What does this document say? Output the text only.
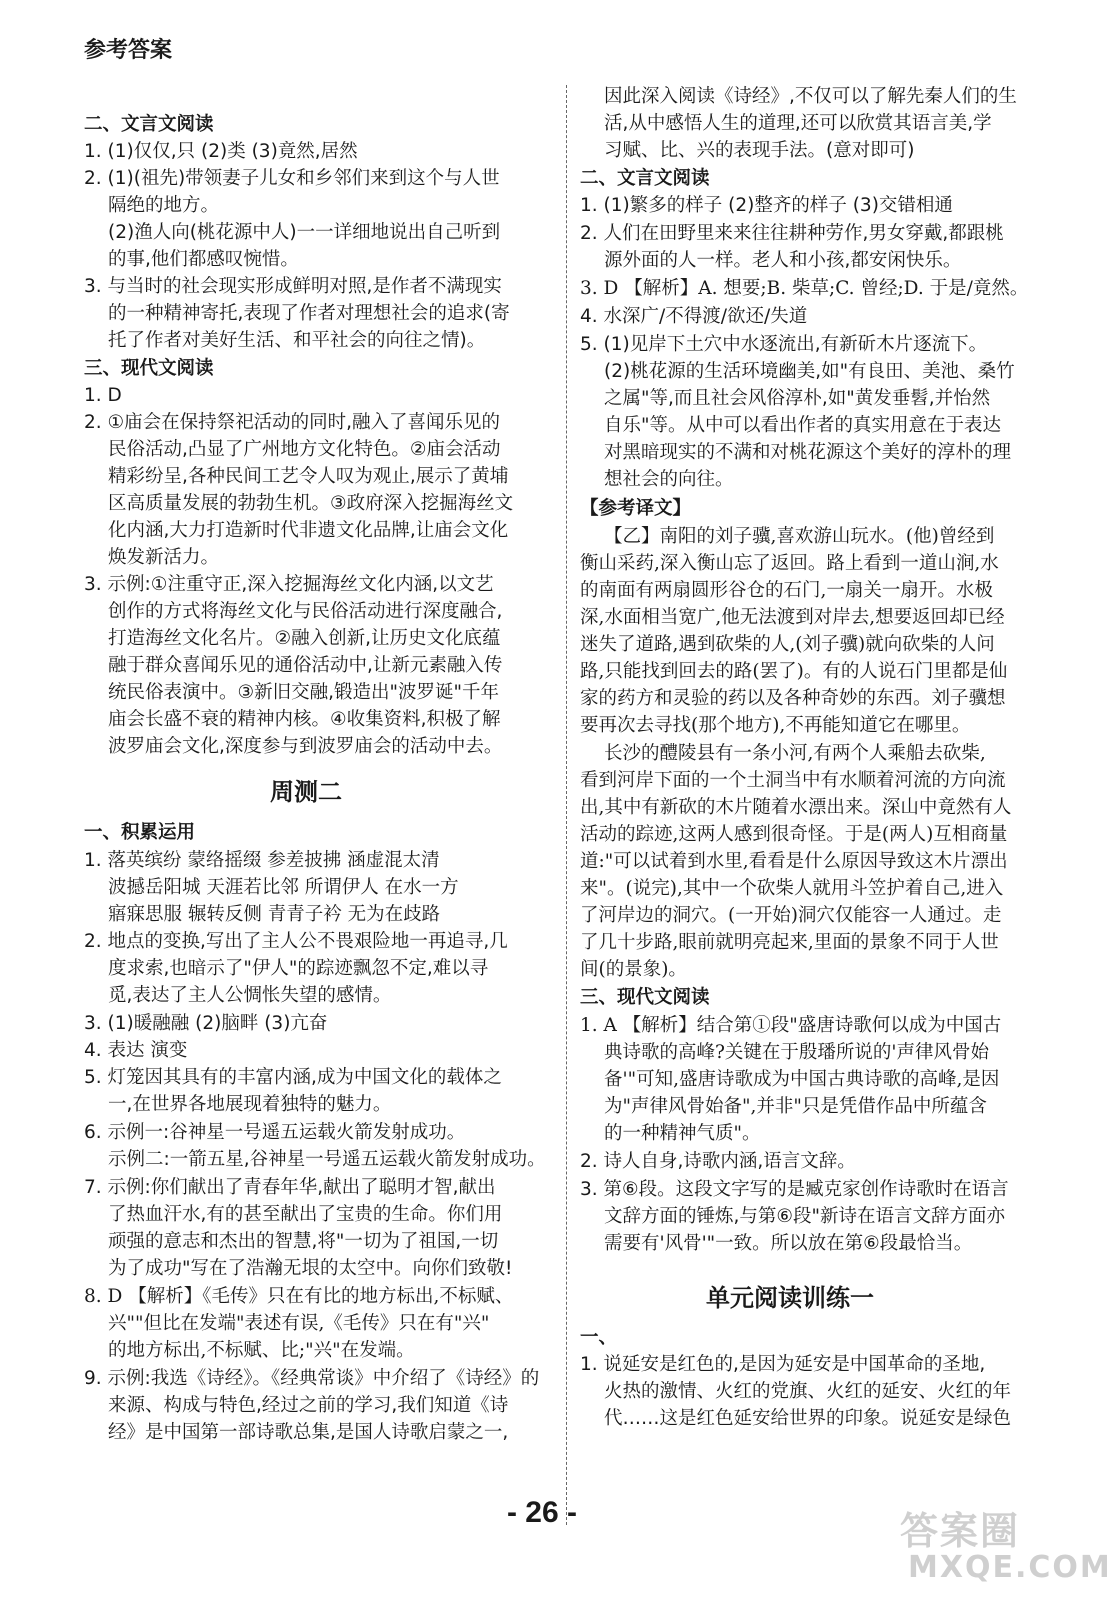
参考答案
二、文言文阅读
1. (1)仅仅,只 (2)类 (3)竟然,居然
2. (1)(祖先)带领妻子儿女和乡邻们来到这个与人世
隔绝的地方。
(2)渔人向(桃花源中人)一一详细地说出自己听到
的事,他们都感叹惋惜。
3. 与当时的社会现实形成鲜明对照,是作者不满现实
的一种精神寄托,表现了作者对理想社会的追求(寄
托了作者对美好生活、和平社会的向往之情)。
三、现代文阅读
1. D
2. ①庙会在保持祭祀活动的同时,融入了喜闻乐见的
民俗活动,凸显了广州地方文化特色。②庙会活动
精彩纷呈,各种民间工艺令人叹为观止,展示了黄埔
区高质量发展的勃勃生机。③政府深入挖掘海丝文
化内涵,大力打造新时代非遗文化品牌,让庙会文化
焕发新活力。
3. 示例:①注重守正,深入挖掘海丝文化内涵,以文艺
创作的方式将海丝文化与民俗活动进行深度融合,
打造海丝文化名片。②融入创新,让历史文化底蕴
融于群众喜闻乐见的通俗活动中,让新元素融入传
统民俗表演中。③新旧交融,锻造出"波罗诞"千年
庙会长盛不衰的精神内核。④收集资料,积极了解
波罗庙会文化,深度参与到波罗庙会的活动中去。
一、积累运用
1. 落英缤纷 蒙络摇缀 参差披拂 涵虚混太清
波撼岳阳城 天涯若比邻 所谓伊人 在水一方
寤寐思服 辗转反侧 青青子衿 无为在歧路
2. 地点的变换,写出了主人公不畏艰险地一再追寻,几
度求索,也暗示了"伊人"的踪迹飘忽不定,难以寻
觅,表达了主人公惆怅失望的感情。
3. (1)暖融融 (2)脑畔 (3)亢奋
4. 表达 演变
5. 灯笼因其具有的丰富内涵,成为中国文化的载体之
一,在世界各地展现着独特的魅力。
6. 示例一:谷神星一号遥五运载火箭发射成功。
示例二:一箭五星,谷神星一号遥五运载火箭发射成功。
7. 示例:你们献出了青春年华,献出了聪明才智,献出
了热血汗水,有的甚至献出了宝贵的生命。你们用
顽强的意志和杰出的智慧,将"一切为了祖国,一切
为了成功"写在了浩瀚无垠的太空中。向你们致敬!
8. D 【解析】《毛传》只在有比的地方标出,不标赋、
兴""但比在发端"表述有误,《毛传》只在有"兴"
的地方标出,不标赋、比;"兴"在发端。
9. 示例:我选《诗经》。《经典常谈》中介绍了《诗经》的
来源、构成与特色,经过之前的学习,我们知道《诗
经》是中国第一部诗歌总集,是国人诗歌启蒙之一,
周测二
因此深入阅读《诗经》,不仅可以了解先秦人们的生
活,从中感悟人生的道理,还可以欣赏其语言美,学
习赋、比、兴的表现手法。(意对即可)
二、文言文阅读
1. (1)繁多的样子 (2)整齐的样子 (3)交错相通
2. 人们在田野里来来往往耕种劳作,男女穿戴,都跟桃
源外面的人一样。老人和小孩,都安闲快乐。
3. D 【解析】A. 想要;B. 柴草;C. 曾经;D. 于是/竟然。
4. 水深广/不得渡/欲还/失道
5. (1)见岸下土穴中水逐流出,有新斫木片逐流下。
(2)桃花源的生活环境幽美,如"有良田、美池、桑竹
之属"等,而且社会风俗淳朴,如"黄发垂髫,并怡然
自乐"等。从中可以看出作者的真实用意在于表达
对黑暗现实的不满和对桃花源这个美好的淳朴的理
想社会的向往。
【参考译文】
【乙】南阳的刘子骥,喜欢游山玩水。(他)曾经到
衡山采药,深入衡山忘了返回。路上看到一道山涧,水
的南面有两扇圆形谷仓的石门,一扇关一扇开。水极
深,水面相当宽广,他无法渡到对岸去,想要返回却已经
迷失了道路,遇到砍柴的人,(刘子骥)就向砍柴的人问
路,只能找到回去的路(罢了)。有的人说石门里都是仙
家的药方和灵验的药以及各种奇妙的东西。刘子骥想
要再次去寻找(那个地方),不再能知道它在哪里。
长沙的醴陵县有一条小河,有两个人乘船去砍柴,
看到河岸下面的一个土洞当中有水顺着河流的方向流
出,其中有新砍的木片随着水漂出来。深山中竟然有人
活动的踪迹,这两人感到很奇怪。于是(两人)互相商量
道:"可以试着到水里,看看是什么原因导致这木片漂出
来"。(说完),其中一个砍柴人就用斗笠护着自己,进入
了河岸边的洞穴。(一开始)洞穴仅能容一人通过。走
了几十步路,眼前就明亮起来,里面的景象不同于人世
间(的景象)。
三、现代文阅读
1. A 【解析】结合第①段"盛唐诗歌何以成为中国古
典诗歌的高峰?关键在于殷璠所说的'声律风骨始
备'"可知,盛唐诗歌成为中国古典诗歌的高峰,是因
为"声律风骨始备",并非"只是凭借作品中所蕴含
的一种精神气质"。
2. 诗人自身,诗歌内涵,语言文辞。
3. 第⑥段。这段文字写的是臧克家创作诗歌时在语言
文辞方面的锤炼,与第⑥段"新诗在语言文辞方面亦
需要有'风骨'"一致。所以放在第⑥段最恰当。
一、
1. 说延安是红色的,是因为延安是中国革命的圣地,
火热的激情、火红的党旗、火红的延安、火红的年
代……这是红色延安给世界的印象。说延安是绿色
单元阅读训练一
- 26 -	答案圈
MXQE.COM
